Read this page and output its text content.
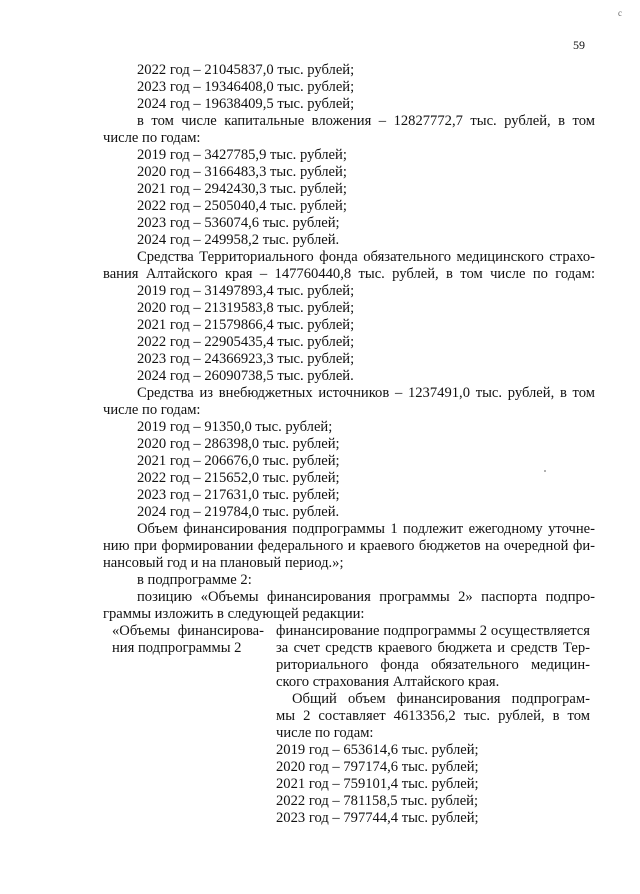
с
59
2022 год – 21045837,0 тыс. рублей;
2023 год – 19346408,0 тыс. рублей;
2024 год – 19638409,5 тыс. рублей;
в том числе капитальные вложения – 12827772,7 тыс. рублей, в том
числе по годам:
2019 год – 3427785,9 тыс. рублей;
2020 год – 3166483,3 тыс. рублей;
2021 год – 2942430,3 тыс. рублей;
2022 год – 2505040,4 тыс. рублей;
2023 год – 536074,6 тыс. рублей;
2024 год – 249958,2 тыс. рублей.
Средства Территориального фонда обязательного медицинского страхо-
вания Алтайского края – 147760440,8 тыс. рублей, в том числе по годам:
2019 год – 31497893,4 тыс. рублей;
2020 год – 21319583,8 тыс. рублей;
2021 год – 21579866,4 тыс. рублей;
2022 год – 22905435,4 тыс. рублей;
2023 год – 24366923,3 тыс. рублей;
2024 год – 26090738,5 тыс. рублей.
Средства из внебюджетных источников – 1237491,0 тыс. рублей, в том
числе по годам:
2019 год – 91350,0 тыс. рублей;
2020 год – 286398,0 тыс. рублей;
2021 год – 206676,0 тыс. рублей;
2022 год – 215652,0 тыс. рублей;
2023 год – 217631,0 тыс. рублей;
2024 год – 219784,0 тыс. рублей.
Объем финансирования подпрограммы 1 подлежит ежегодному уточне-
нию при формировании федерального и краевого бюджетов на очередной фи-
нансовый год и на плановый период.»;
в подпрограмме 2:
позицию «Объемы финансирования программы 2» паспорта подпро-
граммы изложить в следующей редакции:
«Объемы финансирова-
ния подпрограммы 2
финансирование подпрограммы 2 осуществляется
за счет средств краевого бюджета и средств Тер-
риториального фонда обязательного медицин-
ского страхования Алтайского края.
Общий объем финансирования подпрограм-
мы 2 составляет 4613356,2 тыс. рублей, в том
числе по годам:
2019 год – 653614,6 тыс. рублей;
2020 год – 797174,6 тыс. рублей;
2021 год – 759101,4 тыс. рублей;
2022 год – 781158,5 тыс. рублей;
2023 год – 797744,4 тыс. рублей;
